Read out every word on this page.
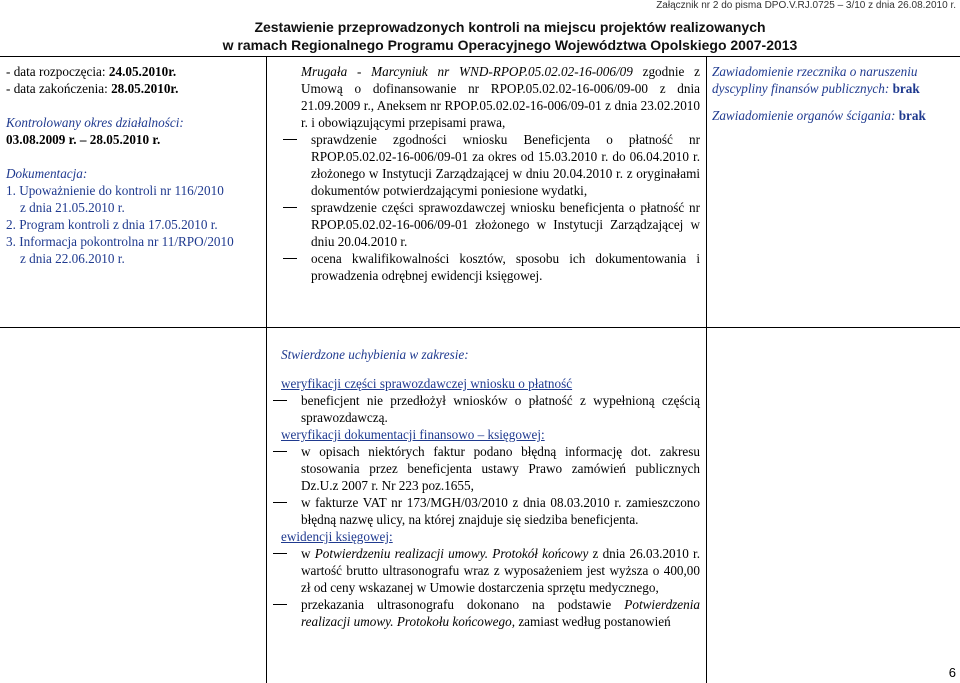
Załącznik nr 2 do pisma DPO.V.RJ.0725 – 3/10 z dnia 26.08.2010 r.
Zestawienie przeprowadzonych kontroli na miejscu projektów realizowanych
w ramach Regionalnego Programu Operacyjnego Województwa Opolskiego 2007-2013
- data rozpoczęcia: 24.05.2010r.
- data zakończenia: 28.05.2010r.
Kontrolowany okres działalności:
03.08.2009 r. – 28.05.2010 r.
Dokumentacja:
1. Upoważnienie do kontroli nr 116/2010
z dnia 21.05.2010 r.
2. Program kontroli z dnia 17.05.2010 r.
3. Informacja pokontrolna nr 11/RPO/2010
z dnia 22.06.2010 r.
Mrugała - Marcyniuk nr WND-RPOP.05.02.02-16-006/09 zgodnie z Umową o dofinansowanie nr RPOP.05.02.02-16-006/09-00 z dnia 21.09.2009 r., Aneksem nr RPOP.05.02.02-16-006/09-01 z dnia 23.02.2010 r. i obowiązującymi przepisami prawa,
sprawdzenie zgodności wniosku Beneficjenta o płatność nr RPOP.05.02.02-16-006/09-01 za okres od 15.03.2010 r. do 06.04.2010 r. złożonego w Instytucji Zarządzającej w dniu 20.04.2010 r. z oryginałami dokumentów potwierdzającymi poniesione wydatki,
sprawdzenie części sprawozdawczej wniosku beneficjenta o płatność nr RPOP.05.02.02-16-006/09-01 złożonego w Instytucji Zarządzającej w dniu 20.04.2010 r.
ocena kwalifikowalności kosztów, sposobu ich dokumentowania i prowadzenia odrębnej ewidencji księgowej.
Zawiadomienie rzecznika o naruszeniu dyscypliny finansów publicznych: brak
Zawiadomienie organów ścigania: brak
Stwierdzone uchybienia w zakresie:
weryfikacji części sprawozdawczej wniosku o płatność
beneficjent nie przedłożył wniosków o płatność z wypełnioną częścią sprawozdawczą.
weryfikacji dokumentacji finansowo – księgowej:
w opisach niektórych faktur podano błędną informację dot. zakresu stosowania przez beneficjenta ustawy Prawo zamówień publicznych Dz.U.z 2007 r. Nr 223 poz.1655,
w fakturze VAT nr 173/MGH/03/2010 z dnia 08.03.2010 r. zamieszczono błędną nazwę ulicy, na której znajduje się siedziba beneficjenta.
ewidencji księgowej:
w Potwierdzeniu realizacji umowy. Protokół końcowy z dnia 26.03.2010 r. wartość brutto ultrasonografu wraz z wyposażeniem jest wyższa o 400,00 zł od ceny wskazanej w Umowie dostarczenia sprzętu medycznego,
przekazania ultrasonografu dokonano na podstawie Potwierdzenia realizacji umowy. Protokołu końcowego, zamiast według postanowień
6
